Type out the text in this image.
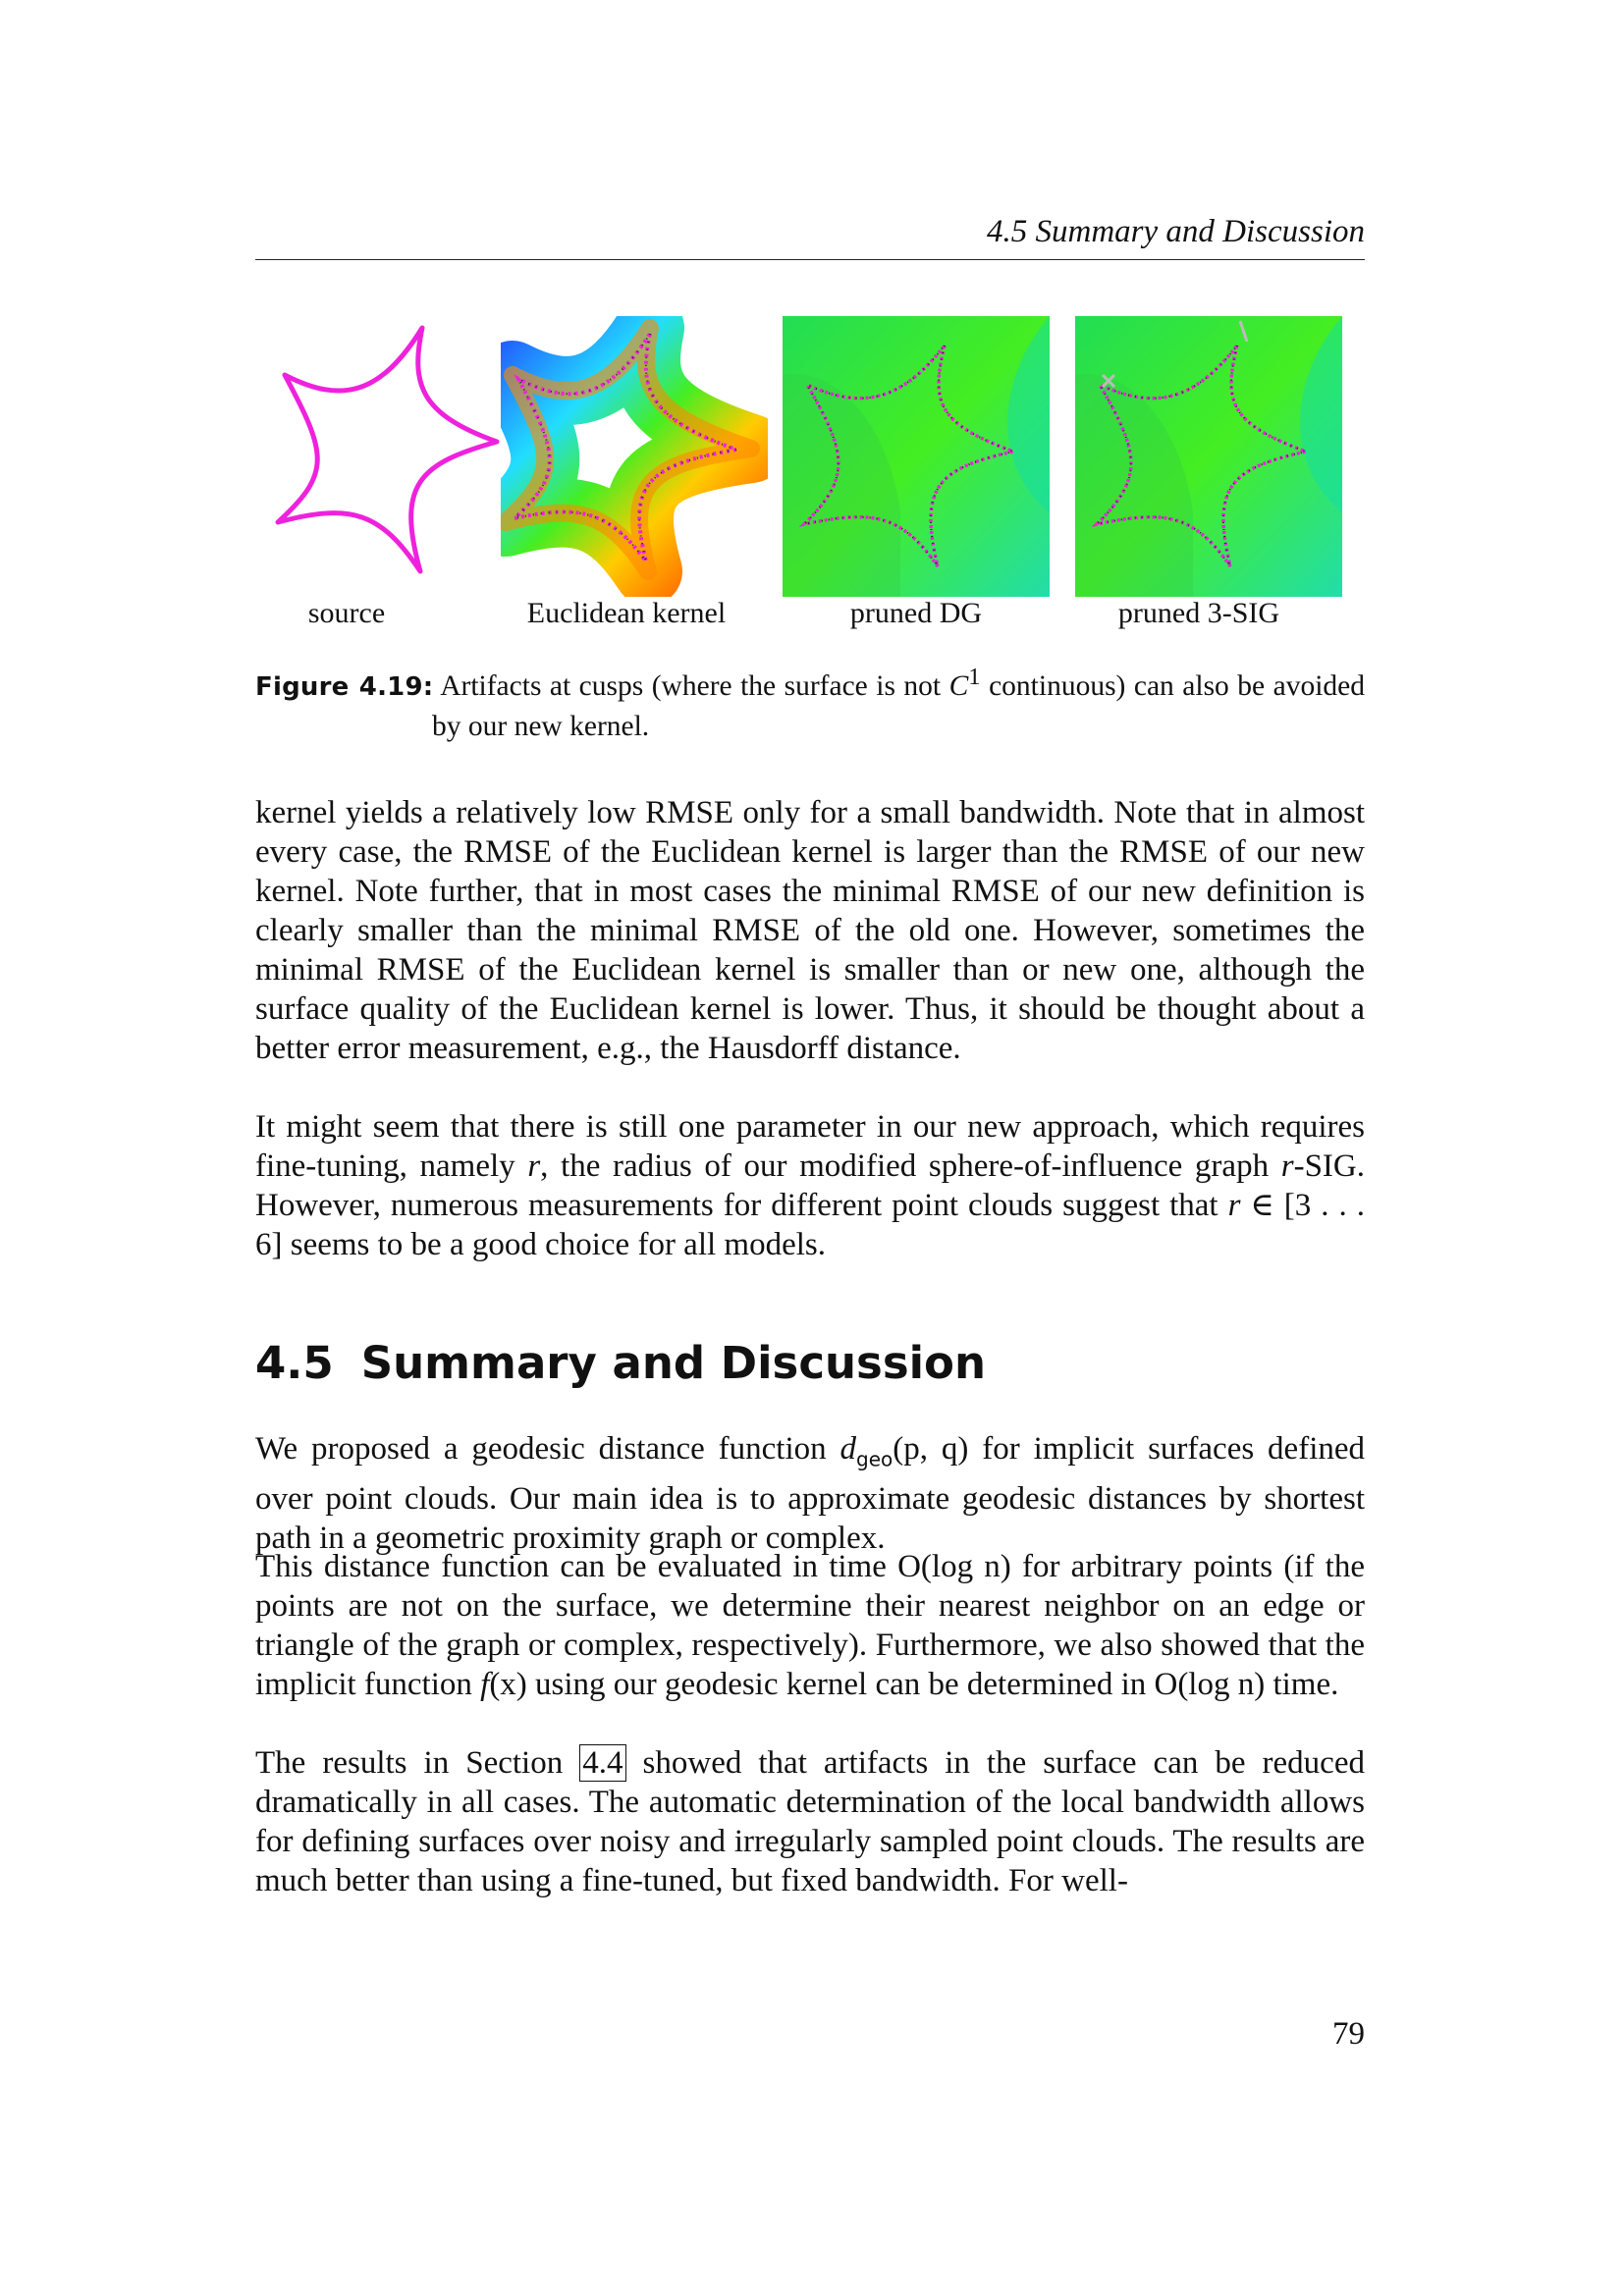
4.5 Summary and Discussion
source	Euclidean kernel	pruned DG	pruned 3-SIG
Figure 4.19: Artifacts at cusps (where the surface is not $C^1$ continuous) can also be avoided by our new kernel.
kernel yields a relatively low RMSE only for a small bandwidth. Note that in almost every case, the RMSE of the Euclidean kernel is larger than the RMSE of our new kernel. Note further, that in most cases the minimal RMSE of our new definition is clearly smaller than the minimal RMSE of the old one. However, sometimes the minimal RMSE of the Euclidean kernel is smaller than or new one, although the surface quality of the Euclidean kernel is lower. Thus, it should be thought about a better error measurement, e.g., the Hausdorff distance.
It might seem that there is still one parameter in our new approach, which requires fine-tuning, namely r, the radius of our modified sphere-of-influence graph r-SIG. However, numerous measurements for different point clouds suggest that r ∈ [3 . . . 6] seems to be a good choice for all models.
4.5 Summary and Discussion
We proposed a geodesic distance function $d_{geo}(p$, q) for implicit surfaces defined over point clouds. Our main idea is to approximate geodesic distances by shortest path in a geometric proximity graph or complex.
This distance function can be evaluated in time O(log n) for arbitrary points (if the points are not on the surface, we determine their nearest neighbor on an edge or triangle of the graph or complex, respectively). Furthermore, we also showed that the implicit function f(x) using our geodesic kernel can be determined in O(log n) time.
The results in Section 4.4 showed that artifacts in the surface can be reduced dramatically in all cases. The automatic determination of the local bandwidth allows for defining surfaces over noisy and irregularly sampled point clouds. The results are much better than using a fine-tuned, but fixed bandwidth. For well-
79
